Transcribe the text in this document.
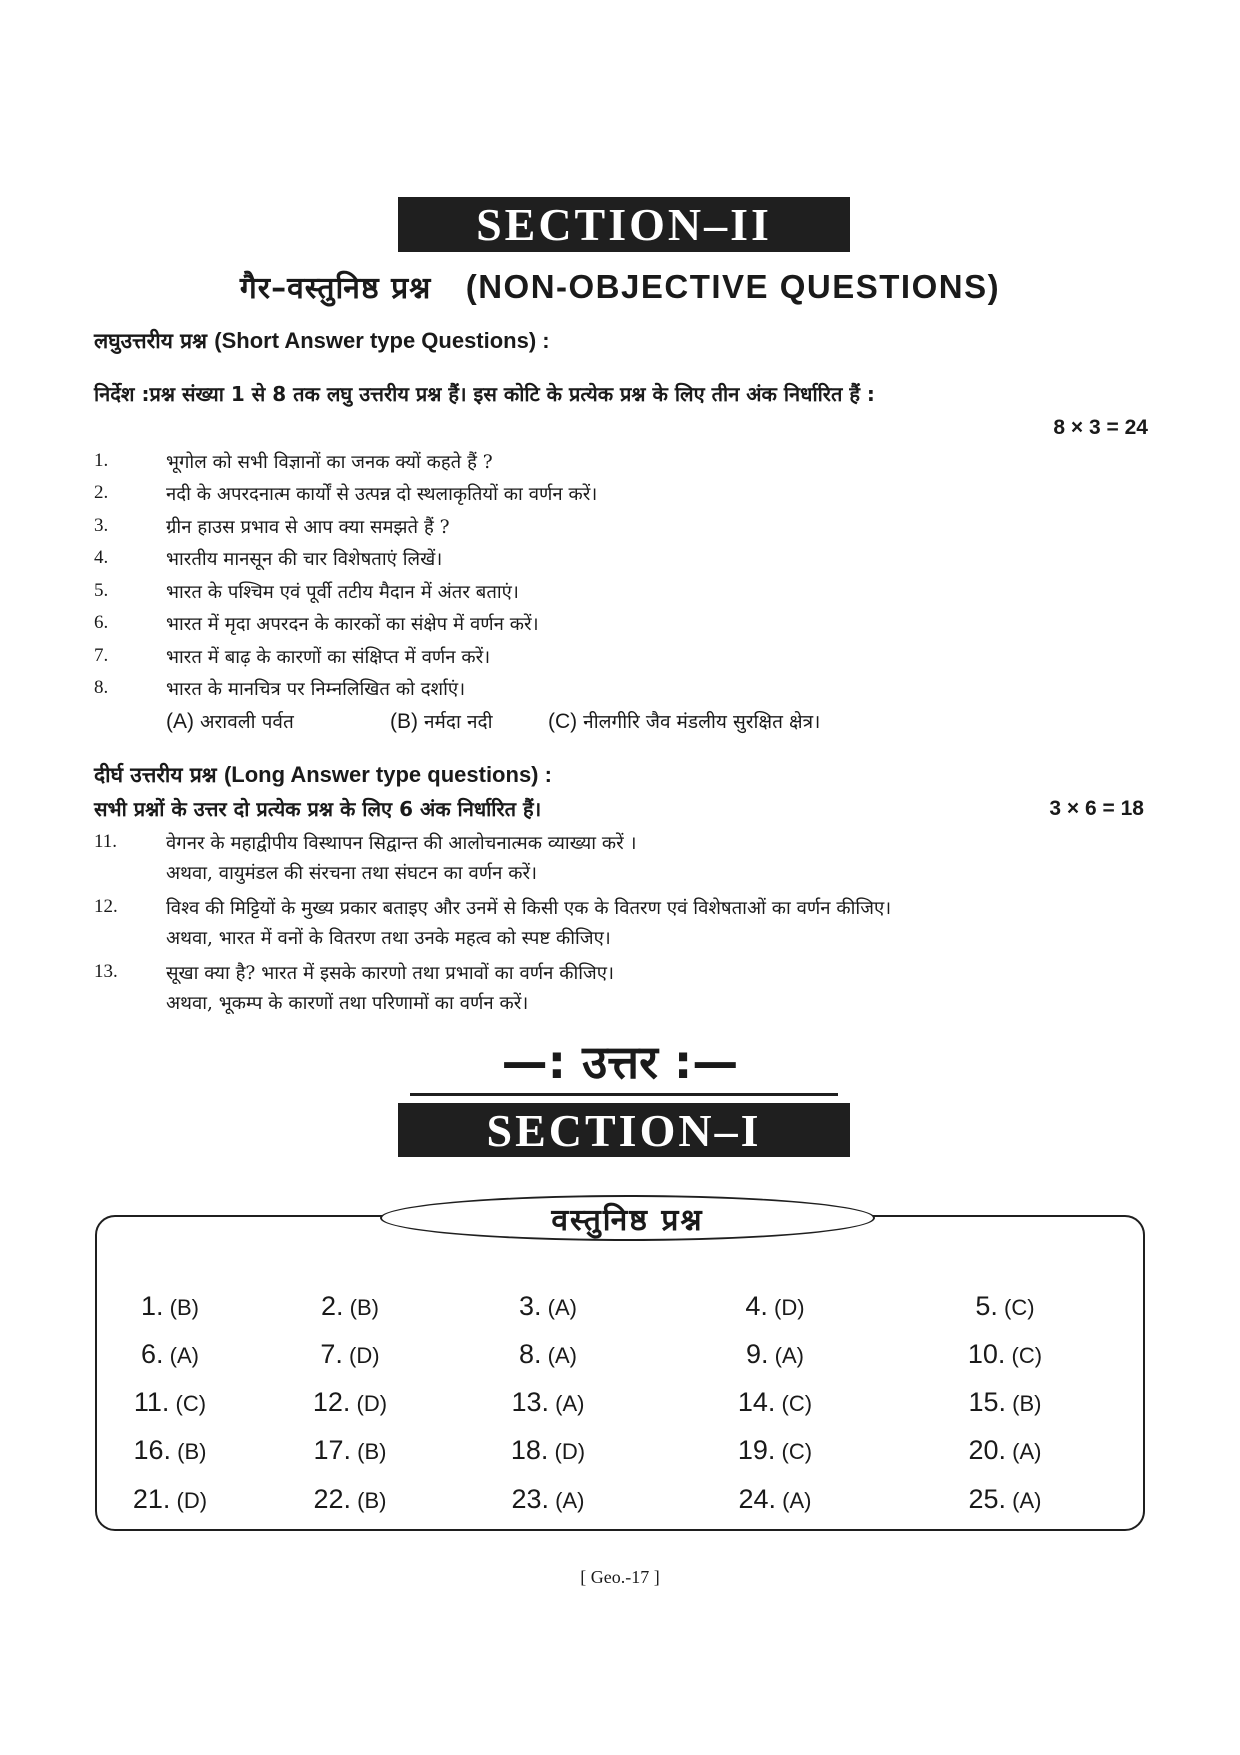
SECTION–II
गैर–वस्तुनिष्ठ प्रश्न (NON-OBJECTIVE QUESTIONS)
लघुउत्तरीय प्रश्न (Short Answer type Questions) :
निर्देश :प्रश्न संख्या 1 से 8 तक लघु उत्तरीय प्रश्न हैं। इस कोटि के प्रत्येक प्रश्न के लिए तीन अंक निर्धारित हैं :
8 × 3 = 24
1.	भूगोल को सभी विज्ञानों का जनक क्यों कहते हैं ?
2.	नदी के अपरदनात्म कार्यों से उत्पन्न दो स्थलाकृतियों का वर्णन करें।
3.	ग्रीन हाउस प्रभाव से आप क्या समझते हैं ?
4.	भारतीय मानसून की चार विशेषताएं लिखें।
5.	भारत के पश्चिम एवं पूर्वी तटीय मैदान में अंतर बताएं।
6.	भारत में मृदा अपरदन के कारकों का संक्षेप में वर्णन करें।
7.	भारत में बाढ़ के कारणों का संक्षिप्त में वर्णन करें।
8.	भारत के मानचित्र पर निम्नलिखित को दर्शाएं।
(A) अरावली पर्वत	(B) नर्मदा नदी	(C) नीलगीरि जैव मंडलीय सुरक्षित क्षेत्र।
दीर्घ उत्तरीय प्रश्न (Long Answer type questions) :
सभी प्रश्नों के उत्तर दो प्रत्येक प्रश्न के लिए 6 अंक निर्धारित हैं।	3 × 6 = 18
11.	वेगनर के महाद्वीपीय विस्थापन सिद्वान्त की आलोचनात्मक व्याख्या करें ।
अथवा, वायुमंडल की संरचना तथा संघटन का वर्णन करें।
12.	विश्व की मिट्टियों के मुख्य प्रकार बताइए और उनमें से किसी एक के वितरण एवं विशेषताओं का वर्णन कीजिए।
अथवा, भारत में वनों के वितरण तथा उनके महत्व को स्पष्ट कीजिए।
13.	सूखा क्या है? भारत में इसके कारणो तथा प्रभावों का वर्णन कीजिए।
अथवा, भूकम्प के कारणों तथा परिणामों का वर्णन करें।
—: उत्तर :—
SECTION–I
वस्तुनिष्ठ प्रश्न
1. (B)	2. (B)	3. (A)	4. (D)	5. (C)
6. (A)	7. (D)	8. (A)	9. (A)	10. (C)
11. (C)	12. (D)	13. (A)	14. (C)	15. (B)
16. (B)	17. (B)	18. (D)	19. (C)	20. (A)
21. (D)	22. (B)	23. (A)	24. (A)	25. (A)
[ Geo.-17 ]
